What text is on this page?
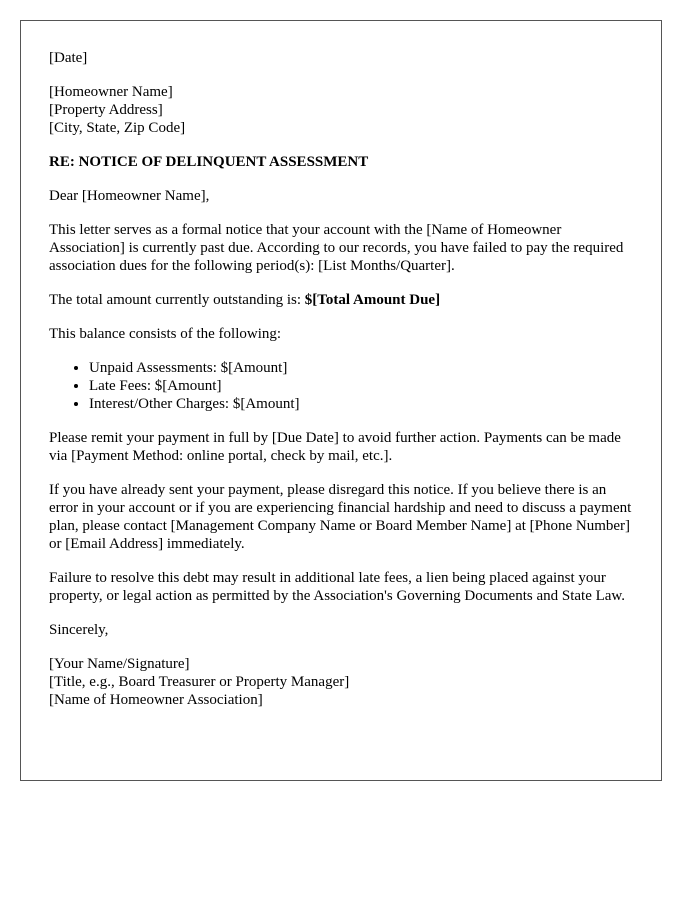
[Date]

[Homeowner Name]
[Property Address]
[City, State, Zip Code]

RE: NOTICE OF DELINQUENT ASSESSMENT

Dear [Homeowner Name],

This letter serves as a formal notice that your account with the [Name of Homeowner Association] is currently past due. According to our records, you have failed to pay the required association dues for the following period(s): [List Months/Quarter].

The total amount currently outstanding is: $[Total Amount Due]

This balance consists of the following:

• Unpaid Assessments: $[Amount]
• Late Fees: $[Amount]
• Interest/Other Charges: $[Amount]

Please remit your payment in full by [Due Date] to avoid further action. Payments can be made via [Payment Method: online portal, check by mail, etc.].

If you have already sent your payment, please disregard this notice. If you believe there is an error in your account or if you are experiencing financial hardship and need to discuss a payment plan, please contact [Management Company Name or Board Member Name] at [Phone Number] or [Email Address] immediately.

Failure to resolve this debt may result in additional late fees, a lien being placed against your property, or legal action as permitted by the Association's Governing Documents and State Law.

Sincerely,

[Your Name/Signature]
[Title, e.g., Board Treasurer or Property Manager]
[Name of Homeowner Association]
